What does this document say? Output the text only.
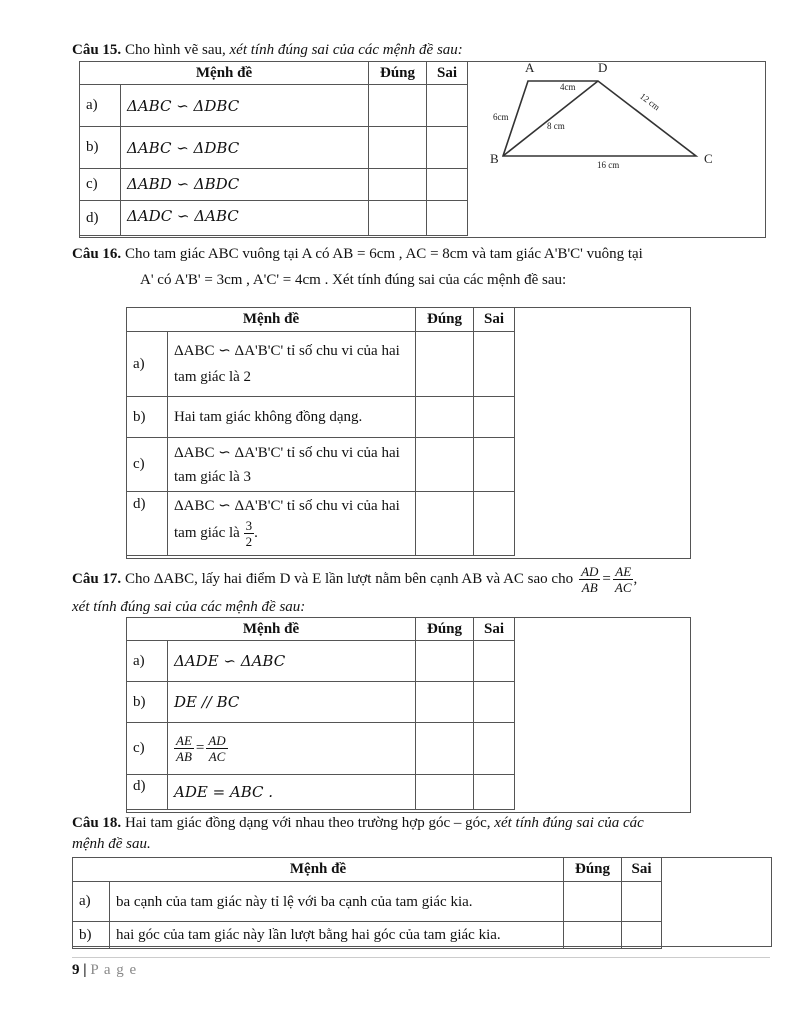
Câu 15. Cho hình vẽ sau, xét tính đúng sai của các mệnh đề sau:
Mệnh đề		Đúng	Sai
a)	ΔABC ∽ ΔDBC		
b)	ΔABC ∽ ΔDBC		
c)	ΔABD ∽ ΔBDC		
d)	ΔADC ∽ ΔABC		
A	D
B	C
4cm
12 cm
6cm
8 cm
16 cm
Câu 16. Cho tam giác ABC vuông tại A có AB = 6cm , AC = 8cm và tam giác A'B'C' vuông tại
A' có A'B' = 3cm , A'C' = 4cm . Xét tính đúng sai của các mệnh đề sau:
Mệnh đề		Đúng	Sai
a)	ΔABC ∽ ΔA'B'C' tỉ số chu vi của hai
tam giác là 2		

b)	Hai tam giác không đồng dạng.		
c)	ΔABC ∽ ΔA'B'C' tỉ số chu vi của hai
tam giác là 3		

d)	ΔABC ∽ ΔA'B'C' tỉ số chu vi của hai
tam giác là $\frac{3}{2}$ .		

Câu 17. Cho ΔABC, lấy hai điểm D và E lần lượt nằm bên cạnh AB và AC sao cho $\frac{AD}{AB} = \frac{AE}{AC}$ ,
xét tính đúng sai của các mệnh đề sau:
Mệnh đề		Đúng	Sai
a)	ΔADE ∽ ΔABC		
b)	DE // BC		
c)	$\frac{AE}{AB} = \frac{AD}{AC}$

d)	ADE = ABC .		
Câu 18. Hai tam giác đồng dạng với nhau theo trường hợp góc – góc, xét tính đúng sai của các
mệnh đề sau.
Mệnh đề		Đúng	Sai
a)	ba cạnh của tam giác này tỉ lệ với ba cạnh của tam giác kia.		
b)	hai góc của tam giác này lần lượt bằng hai góc của tam giác kia.		
9 | P a g e
